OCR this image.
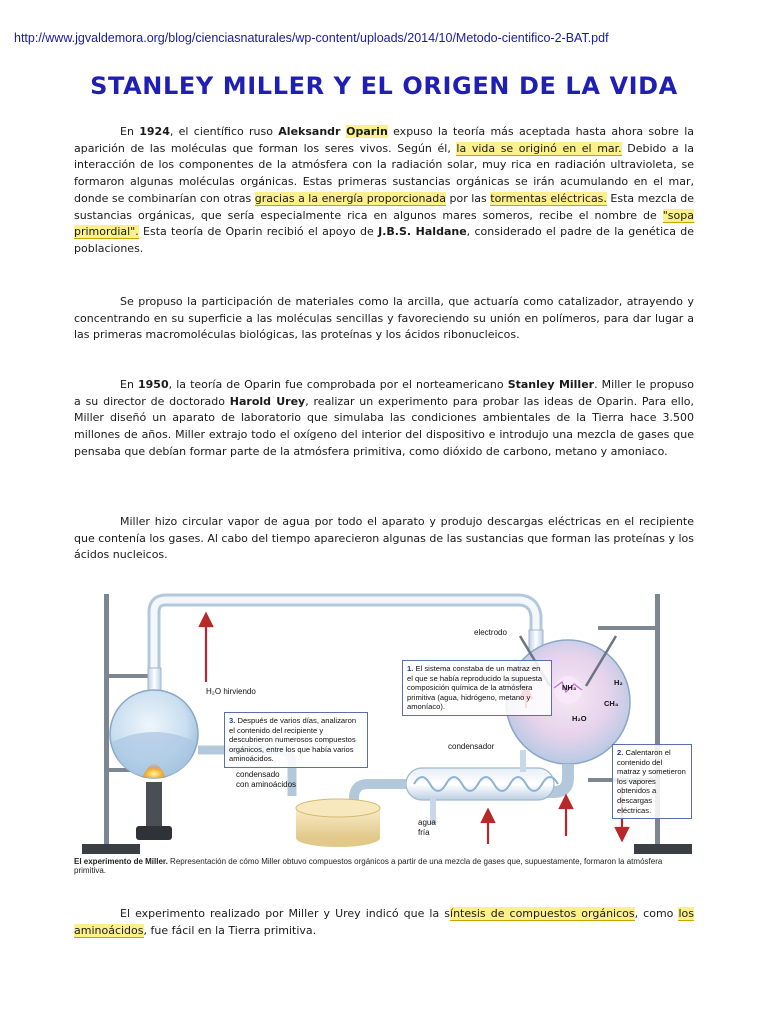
http://www.jgvaldemora.org/blog/cienciasnaturales/wp-content/uploads/2014/10/Metodo-cientifico-2-BAT.pdf
STANLEY MILLER Y EL ORIGEN DE LA VIDA

En 1924, el científico ruso Aleksandr Oparin expuso la teoría más aceptada hasta ahora sobre la aparición de las moléculas que forman los seres vivos. Según él, la vida se originó en el mar. Debido a la interacción de los componentes de la atmósfera con la radiación solar, muy rica en radiación ultravioleta, se formaron algunas moléculas orgánicas. Estas primeras sustancias orgánicas se irán acumulando en el mar, donde se combinarían con otras gracias a la energía proporcionada por las tormentas eléctricas. Esta mezcla de sustancias orgánicas, que sería especialmente rica en algunos mares someros, recibe el nombre de "sopa primordial". Esta teoría de Oparin recibió el apoyo de J.B.S. Haldane, considerado el padre de la genética de poblaciones.

Se propuso la participación de materiales como la arcilla, que actuaría como catalizador, atrayendo y concentrando en su superficie a las moléculas sencillas y favoreciendo su unión en polímeros, para dar lugar a las primeras macromoléculas biológicas, las proteínas y los ácidos ribonucleicos.

En 1950, la teoría de Oparin fue comprobada por el norteamericano Stanley Miller. Miller le propuso a su director de doctorado Harold Urey, realizar un experimento para probar las ideas de Oparin. Para ello, Miller diseñó un aparato de laboratorio que simulaba las condiciones ambientales de la Tierra hace 3.500 millones de años. Miller extrajo todo el oxígeno del interior del dispositivo e introdujo una mezcla de gases que pensaba que debían formar parte de la atmósfera primitiva, como dióxido de carbono, metano y amoniaco.

Miller hizo circular vapor de agua por todo el aparato y produjo descargas eléctricas en el recipiente que contenía los gases. Al cabo del tiempo aparecieron algunas de las sustancias que forman las proteínas y los ácidos nucleicos.

electrodo
H₂O hirviendo
condensador
condensado
con aminoácidos
agua
fría
NH₃
H₂
CH₄
H₂O
1. El sistema constaba de un matraz en el que se había reproducido la supuesta composición química de la atmósfera primitiva (agua, hidrógeno, metano y amoníaco).
2. Calentaron el contenido del matraz y sometieron los vapores obtenidos a descargas eléctricas.
3. Después de varios días, analizaron el contenido del recipiente y descubrieron numerosos compuestos orgánicos, entre los que había varios aminoácidos.
El experimento de Miller. Representación de cómo Miller obtuvo compuestos orgánicos a partir de una mezcla de gases que, supuestamente, formaron la atmósfera primitiva.

El experimento realizado por Miller y Urey indicó que la síntesis de compuestos orgánicos, como los aminoácidos, fue fácil en la Tierra primitiva.
